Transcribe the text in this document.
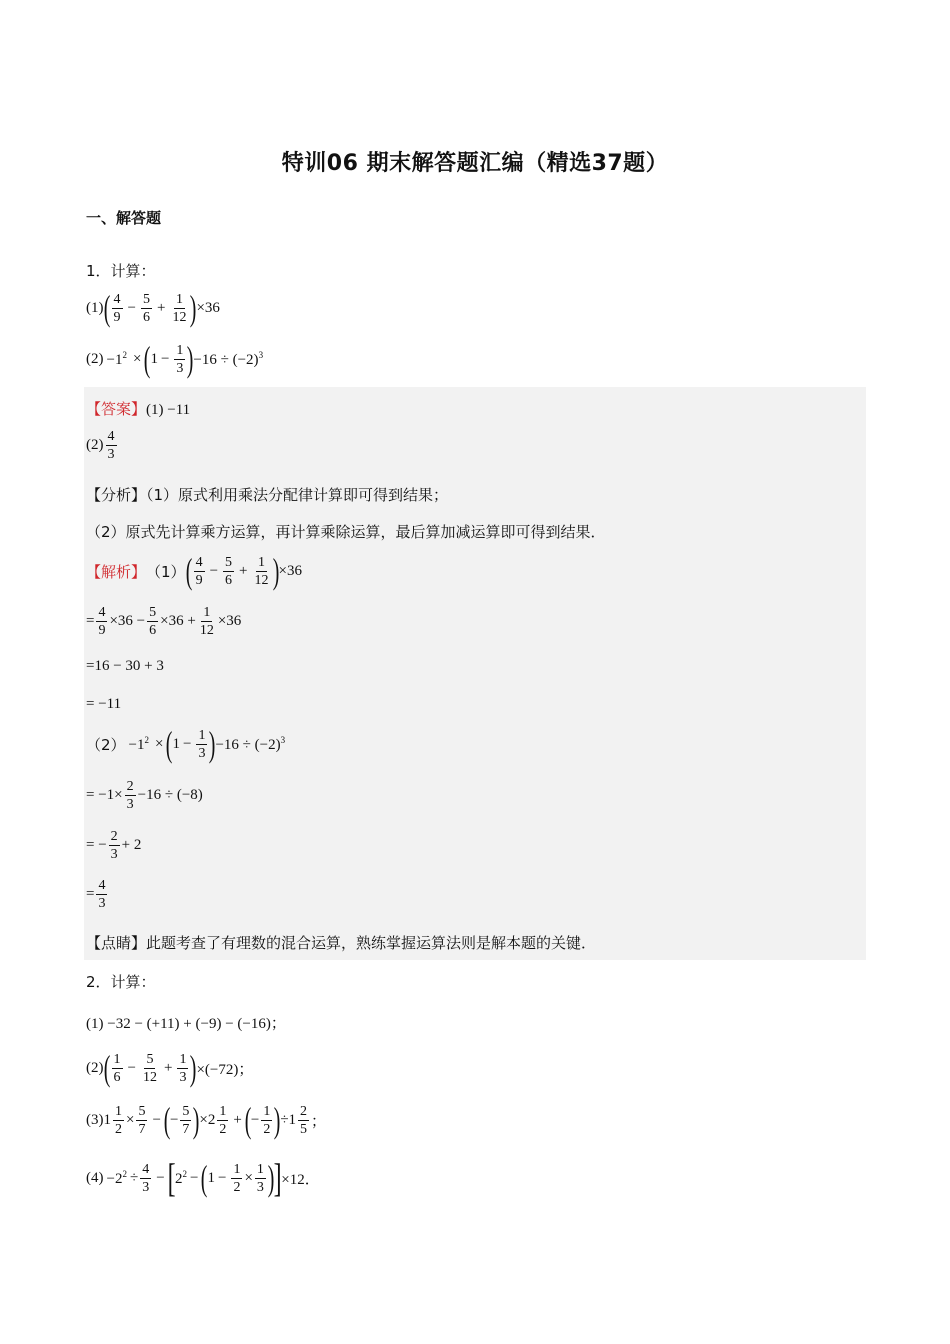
特训06 期末解答题汇编（精选37题）
一、解答题
1．计算：
(1) ( $\frac{4}{9} - \frac{5}{6} + \frac{1}{12}$ ) ×36
$(2) -1^2$ × ( $1 - \frac{1}{3}$ ) $-16 \div (-2)^3$
【答案】(1) −11
$(2) \frac{4}{3}$
【分析】（1）原式利用乘法分配律计算即可得到结果；
（2）原式先计算乘方运算，再计算乘除运算，最后算加减运算即可得到结果．
【解析】 （1） ( $\frac{4}{9} - \frac{5}{6} + \frac{1}{12}$ ) ×36
= $\frac{4}{9} \times 36 - \frac{5}{6} \times 36 + \frac{1}{12} \times 36$
=16 − 30 + 3
= −11
$(2) -1^2$ × ( $1 - \frac{1}{3}$ ) $-16 \div (-2)^3$
= $-1\times \frac{2}{3} -16 \div (-8)$
= − $\frac{2}{3} + 2$
= $\frac{4}{3}$
【点睛】此题考查了有理数的混合运算，熟练掌握运算法则是解本题的关键．
2．计算：
(1) −32 − (+11) + (−9) − (−16)；
(2) ( $\frac{1}{6} - \frac{5}{12} + \frac{1}{3}$ ) ×(−72)；
(3) $1 \frac{1}{2} \times \frac{5}{7}$ − ( − $\frac{5}{7}$ ) $\times 2 \frac{1}{2}$ + ( − $\frac{1}{2}$ ) $\div 1 \frac{2}{5}$ ；
$(4) -2^2 \div \frac{4}{3}$ − [ $2^2$ − ( $1 - \frac{1}{2} \times \frac{1}{3}$ ) ] ×12．
